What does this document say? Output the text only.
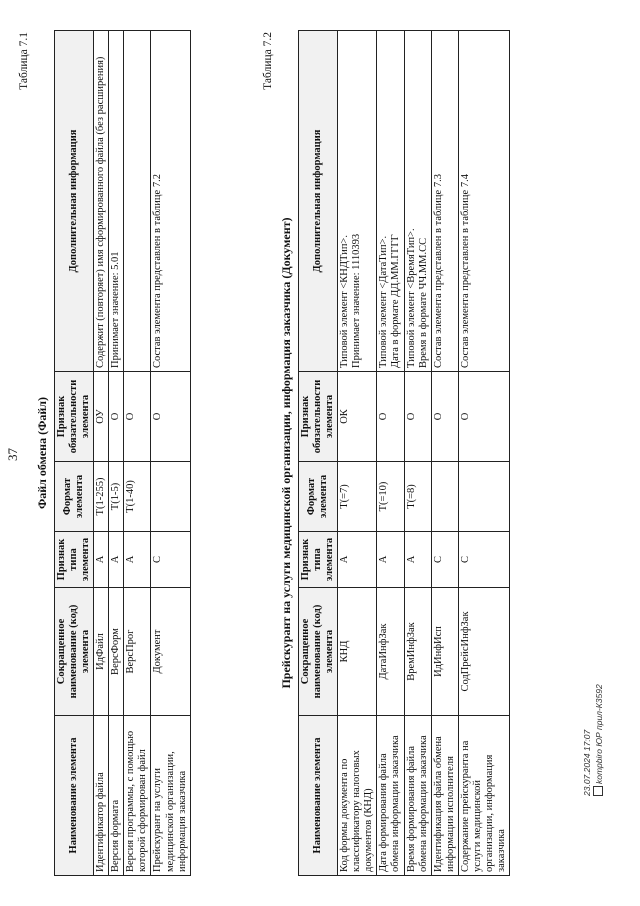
37
Таблица 7.1
Файл обмена (Файл)
Наименование элемента	Сокращенное наименование (код) элемента	Признак типа элемента	Формат элемента	Признак обязательности элемента	Дополнительная информация
Идентификатор файла	ИдФайл	А	Т(1-255)	ОУ	Содержит (повторяет) имя сформированного файла (без расширения)

Версия формата	ВерсФорм	А	Т(1-5)	О	Принимает значение: 5.01

Версия программы, с помощью которой сформирован файл	ВерсПрог	А	Т(1-40)	О	

Прейскурант на услуги медицинской организации, информация заказчика	Документ	С		О	Состав элемента представлен в таблице 7.2
Таблица 7.2
Прейскурант на услуги медицинской организации, информация заказчика (Документ)
Наименование элемента	Сокращенное наименование (код) элемента	Признак типа элемента	Формат элемента	Признак обязательности элемента	Дополнительная информация
Код формы документа по классификатору налоговых документов (КНД)	КНД	А	Т(=7)	ОК	Типовой элемент <КНДТип>. Принимает значение: 1110393

Дата формирования файла обмена информации заказчика	ДатаИнфЗак	А	Т(=10)	О	Типовой элемент <ДатаТип>. Дата в формате ДД.ММ.ГГГГ

Время формирования файла обмена информации заказчика	ВремИнфЗак	А	Т(=8)	О	Типовой элемент <ВремяТип>. Время в формате ЧЧ.ММ.СС

Идентификация файла обмена информации исполнителя	ИдИнфИсп	С		О	Состав элемента представлен в таблице 7.3

Содержание прейскуранта на услуги медицинской организации, информация заказчика	СодПрейсИнфЗак	С		О	Состав элемента представлен в таблице 7.4
23.07.2024 17:07 kompbiro ЮР прил-К3592
